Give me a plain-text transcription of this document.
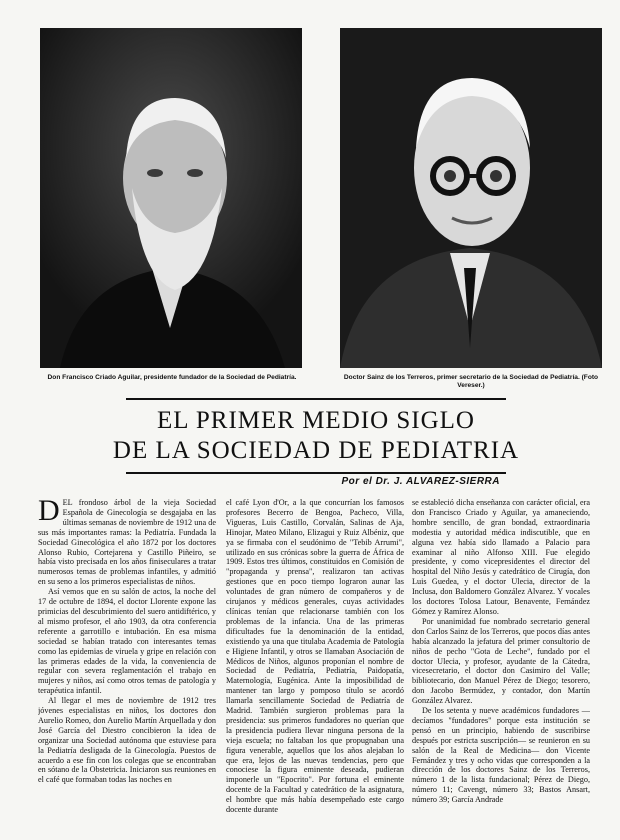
Don Francisco Criado Aguilar, presidente fundador de la Sociedad de Pediatría.	Doctor Sainz de los Terreros, primer secretario de la Sociedad de Pediatría. (Foto Vereser.)
EL PRIMER MEDIO SIGLO
DE LA SOCIEDAD DE PEDIATRIA
Por el Dr. J. ALVAREZ-SIERRA
D EL frondoso árbol de la vieja Sociedad Española de Ginecología se desgajaba en las últimas semanas de noviembre de 1912 una de sus más importantes ramas: la Pediatría. Fundada la Sociedad Ginecológica el año 1872 por los doctores Alonso Rubio, Cortejarena y Castillo Piñeiro, se había visto precisada en los años finiseculares a tratar numerosos temas de problemas infantiles, y admitió en su seno a los primeros especialistas de niños.

Así vemos que en su salón de actos, la noche del 17 de octubre de 1894, el doctor Llorente expone las primicias del descubrimiento del suero antidiftérico, y al mismo profesor, el año 1903, da otra conferencia referente a garrotillo e intubación. En esa misma sociedad se habían tratado con interesantes temas como las epidemias de viruela y gripe en relación con las primeras edades de la vida, la conveniencia de regular con severa reglamentación el trabajo en mujeres y niños, así como otros temas de patología y terapéutica infantil.

Al llegar el mes de noviembre de 1912 tres jóvenes especialistas en niños, los doctores don Aurelio Romeo, don Aurelio Martín Arquellada y don José García del Diestro concibieron la idea de organizar una Sociedad autónoma que estuviese para la Pediatría desligada de la Ginecología. Puestos de acuerdo a ese fin con los colegas que se encontraban en sótano de la Obstetricia. Iniciaron sus reuniones en el café que formaban todas las noches en

el café Lyon d'Or, a la que concurrían los famosos profesores Becerro de Bengoa, Pacheco, Villa, Vigueras, Luis Castillo, Corvalán, Salinas de Aja, Hinojar, Mateo Milano, Elizagui y Ruiz Albéniz, que ya se firmaba con el seudónimo de "Tebib Arrumi", utilizado en sus crónicas sobre la guerra de África de 1909. Estos tres últimos, constituidos en Comisión de "propaganda y prensa", realizaron tan activas gestiones que en poco tiempo lograron aunar las voluntades de gran número de compañeros y de cirujanos y médicos generales, cuyas actividades clínicas tenían que relacionarse también con los problemas de la infancia. Una de las primeras dificultades fue la denominación de la entidad, existiendo ya una que titulaba Academia de Patología e Higiene Infantil, y otros se llamaban Asociación de Médicos de Niños, algunos proponían el nombre de Sociedad de Pediatría, Pediatría, Paidopatía, Maternología, Eugénica. Ante la imposibilidad de mantener tan largo y pomposo título se acordó llamarla sencillamente Sociedad de Pediatría de Madrid. También surgieron problemas para la presidencia: sus primeros fundadores no querían que la presidencia pudiera llevar ninguna persona de la vieja escuela; no faltaban los que propugnaban una figura venerable, aquellos que los años alejaban lo que era, lejos de las nuevas tendencias, pero que conociese la figura eminente deseada, pudieran imponerle un "Epocrito". Por fortuna el eminente docente de la Facultad y catedrático de la asignatura, el hombre que más había desempeñado este cargo docente durante

se estableció dicha enseñanza con carácter oficial, era don Francisco Criado y Aguilar, ya amaneciendo, hombre sencillo, de gran bondad, extraordinaria modestia y autoridad médica indiscutible, que en alguna vez había sido llamado a Palacio para examinar al niño Alfonso XIII. Fue elegido presidente, y como vicepresidentes el director del hospital del Niño Jesús y catedrático de Cirugía, don Luis Guedea, y el doctor Ulecia, director de la Inclusa, don Baldomero González Alvarez. Y vocales los doctores Tolosa Latour, Benavente, Fernández Gómez y Ramírez Alonso.

Por unanimidad fue nombrado secretario general don Carlos Sainz de los Terreros, que pocos días antes había alcanzado la jefatura del primer consultorio de niños de pecho "Gota de Leche", fundado por el doctor Ulecia, y profesor, ayudante de la Cátedra, vicesecretario, el doctor don Casimiro del Valle; bibliotecario, don Manuel Pérez de Diego; tesorero, don Jacobo Bermúdez, y contador, don Martín González Alvarez.

De los setenta y nueve académicos fundadores —decíamos "fundadores" porque esta institución se pensó en un principio, habiendo de suscribirse después por estricta suscripción— se reunieron en su salón de la Real de Medicina— don Vicente Fernández y tres y ocho vidas que corresponden a la dirección de los doctores Sainz de los Terreros, número 1 de la lista fundacional; Pérez de Diego, número 11; Cavengt, número 33; Bastos Ansart, número 39; García Andrade
